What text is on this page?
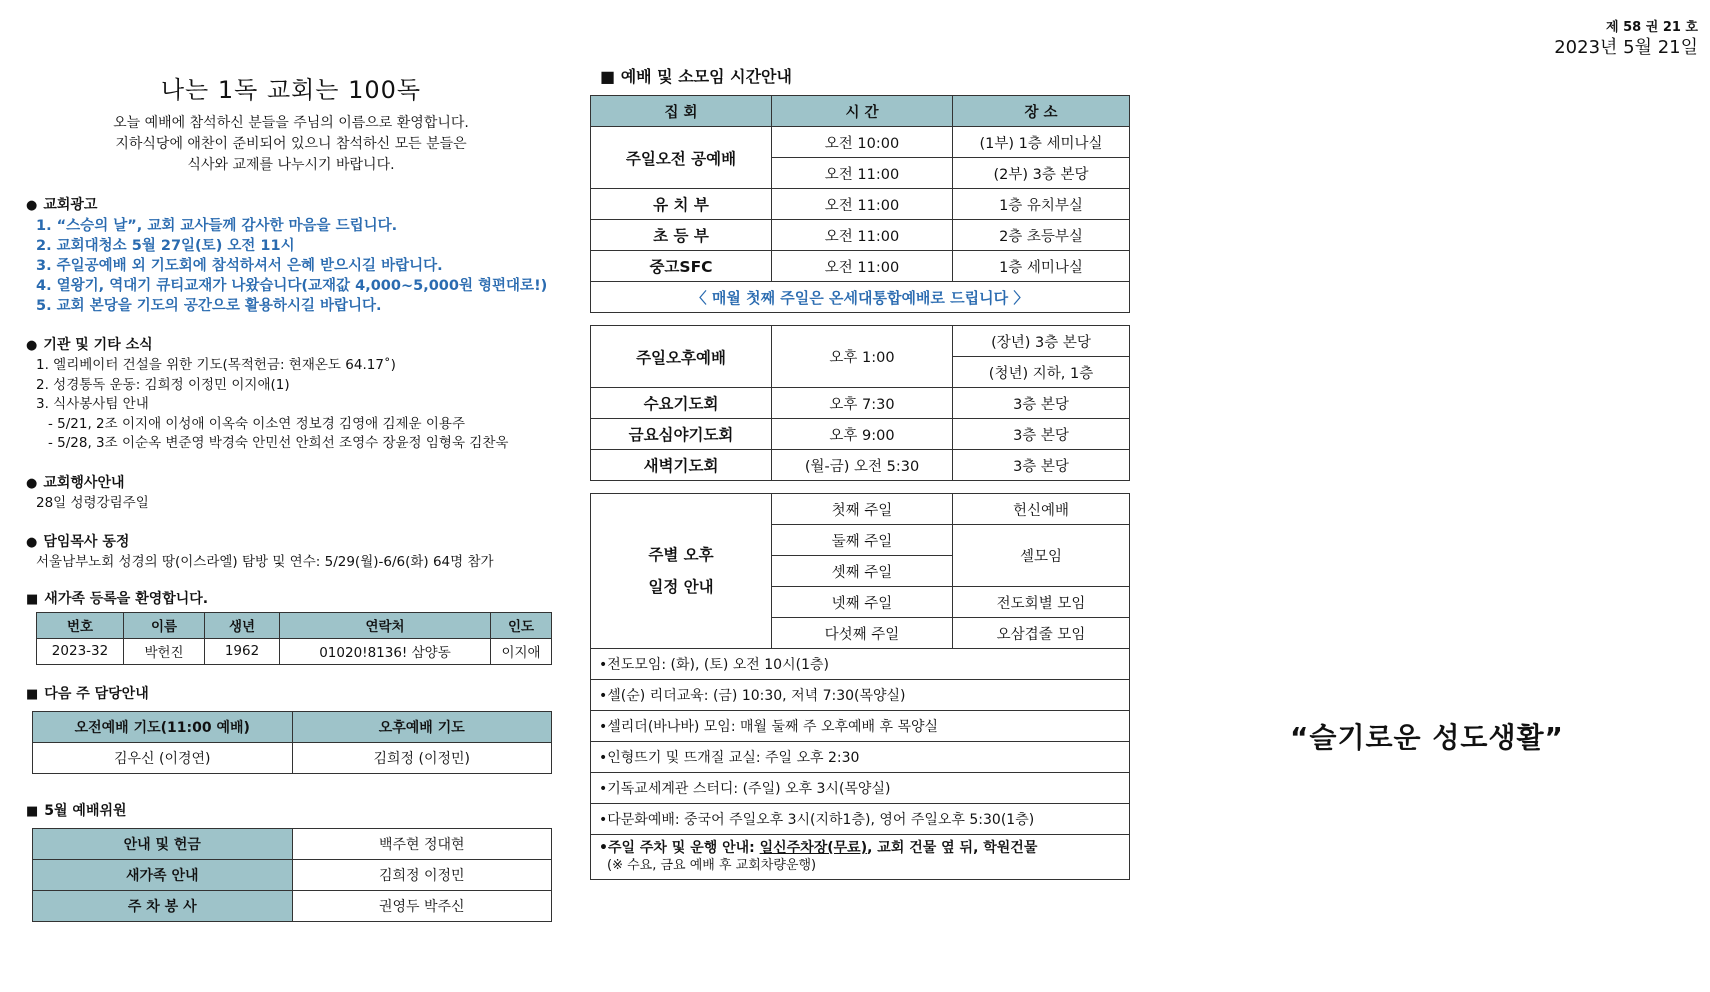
제 58 권 21 호
2023년 5월 21일
나는 1독 교회는 100독
오늘 예배에 참석하신 분들을 주님의 이름으로 환영합니다.
지하식당에 애찬이 준비되어 있으니 참석하신 모든 분들은
식사와 교제를 나누시기 바랍니다.
● 교회광고
1. “스승의 날”, 교회 교사들께 감사한 마음을 드립니다.
2. 교회대청소 5월 27일(토) 오전 11시
3. 주일공예배 외 기도회에 참석하셔서 은혜 받으시길 바랍니다.
4. 열왕기, 역대기 큐티교재가 나왔습니다(교재값 4,000~5,000원 형편대로!)
5. 교회 본당을 기도의 공간으로 활용하시길 바랍니다.
● 기관 및 기타 소식
1. 엘리베이터 건설을 위한 기도(목적헌금: 현재온도 64.17˚)
2. 성경통독 운동: 김희정 이정민 이지애(1)
3. 식사봉사팀 안내
- 5/21, 2조 이지애 이성애 이옥숙 이소연 정보경 김영애 김제운 이용주
- 5/28, 3조 이순옥 변준영 박경숙 안민선 안희선 조영수 장윤정 임형욱 김찬욱
● 교회행사안내
28일 성령강림주일
● 담임목사 동정
서울남부노회 성경의 땅(이스라엘) 탐방 및 연수: 5/29(월)-6/6(화) 64명 참가
■ 새가족 등록을 환영합니다.
번호	이름	생년	연락처	인도
2023-32	박헌진	1962	01020!8136! 삼양동	이지애
■ 다음 주 담당안내
오전예배 기도(11:00 예배)	오후예배 기도
김우신 (이경연)	김희정 (이정민)
■ 5월 예배위원
안내 및 헌금	백주현 정대현
새가족 안내	김희정 이정민
주 차 봉 사	권영두 박주신
■ 예배 및 소모임 시간안내
집 회	시 간	장 소
주일오전 공예배	오전 10:00	(1부) 1층 세미나실
	오전 11:00	(2부) 3층 본당
유 치 부	오전 11:00	1층 유치부실
초 등 부	오전 11:00	2층 초등부실
중고SFC	오전 11:00	1층 세미나실
〈 매월 첫째 주일은 온세대통합예배로 드립니다 〉		
주일오후예배	오후 1:00	(장년) 3층 본당
		(청년) 지하, 1층
수요기도회	오후 7:30	3층 본당
금요심야기도회	오후 9:00	3층 본당
새벽기도회	(월-금) 오전 5:30	3층 본당
주별 오후
일정 안내	첫째 주일	헌신예배
	둘째 주일	셀모임
	셋째 주일	
	넷째 주일	전도회별 모임
	다섯째 주일	오삼겹줄 모임
•전도모임: (화), (토) 오전 10시(1층)		
•셀(순) 리더교육: (금) 10:30, 저녁 7:30(목양실)		
•셀리더(바나바) 모임: 매월 둘째 주 오후예배 후 목양실		
•인형뜨기 및 뜨개질 교실: 주일 오후 2:30		
•기독교세계관 스터디: (주일) 오후 3시(목양실)		
•다문화예배: 중국어 주일오후 3시(지하1층), 영어 주일오후 5:30(1층)		

•주일 주차 및 운행 안내: 일신주차장(무료), 교회 건물 옆 뒤, 학원건물
(※ 수요, 금요 예배 후 교회차량운행)		
“슬기로운 성도생활”
